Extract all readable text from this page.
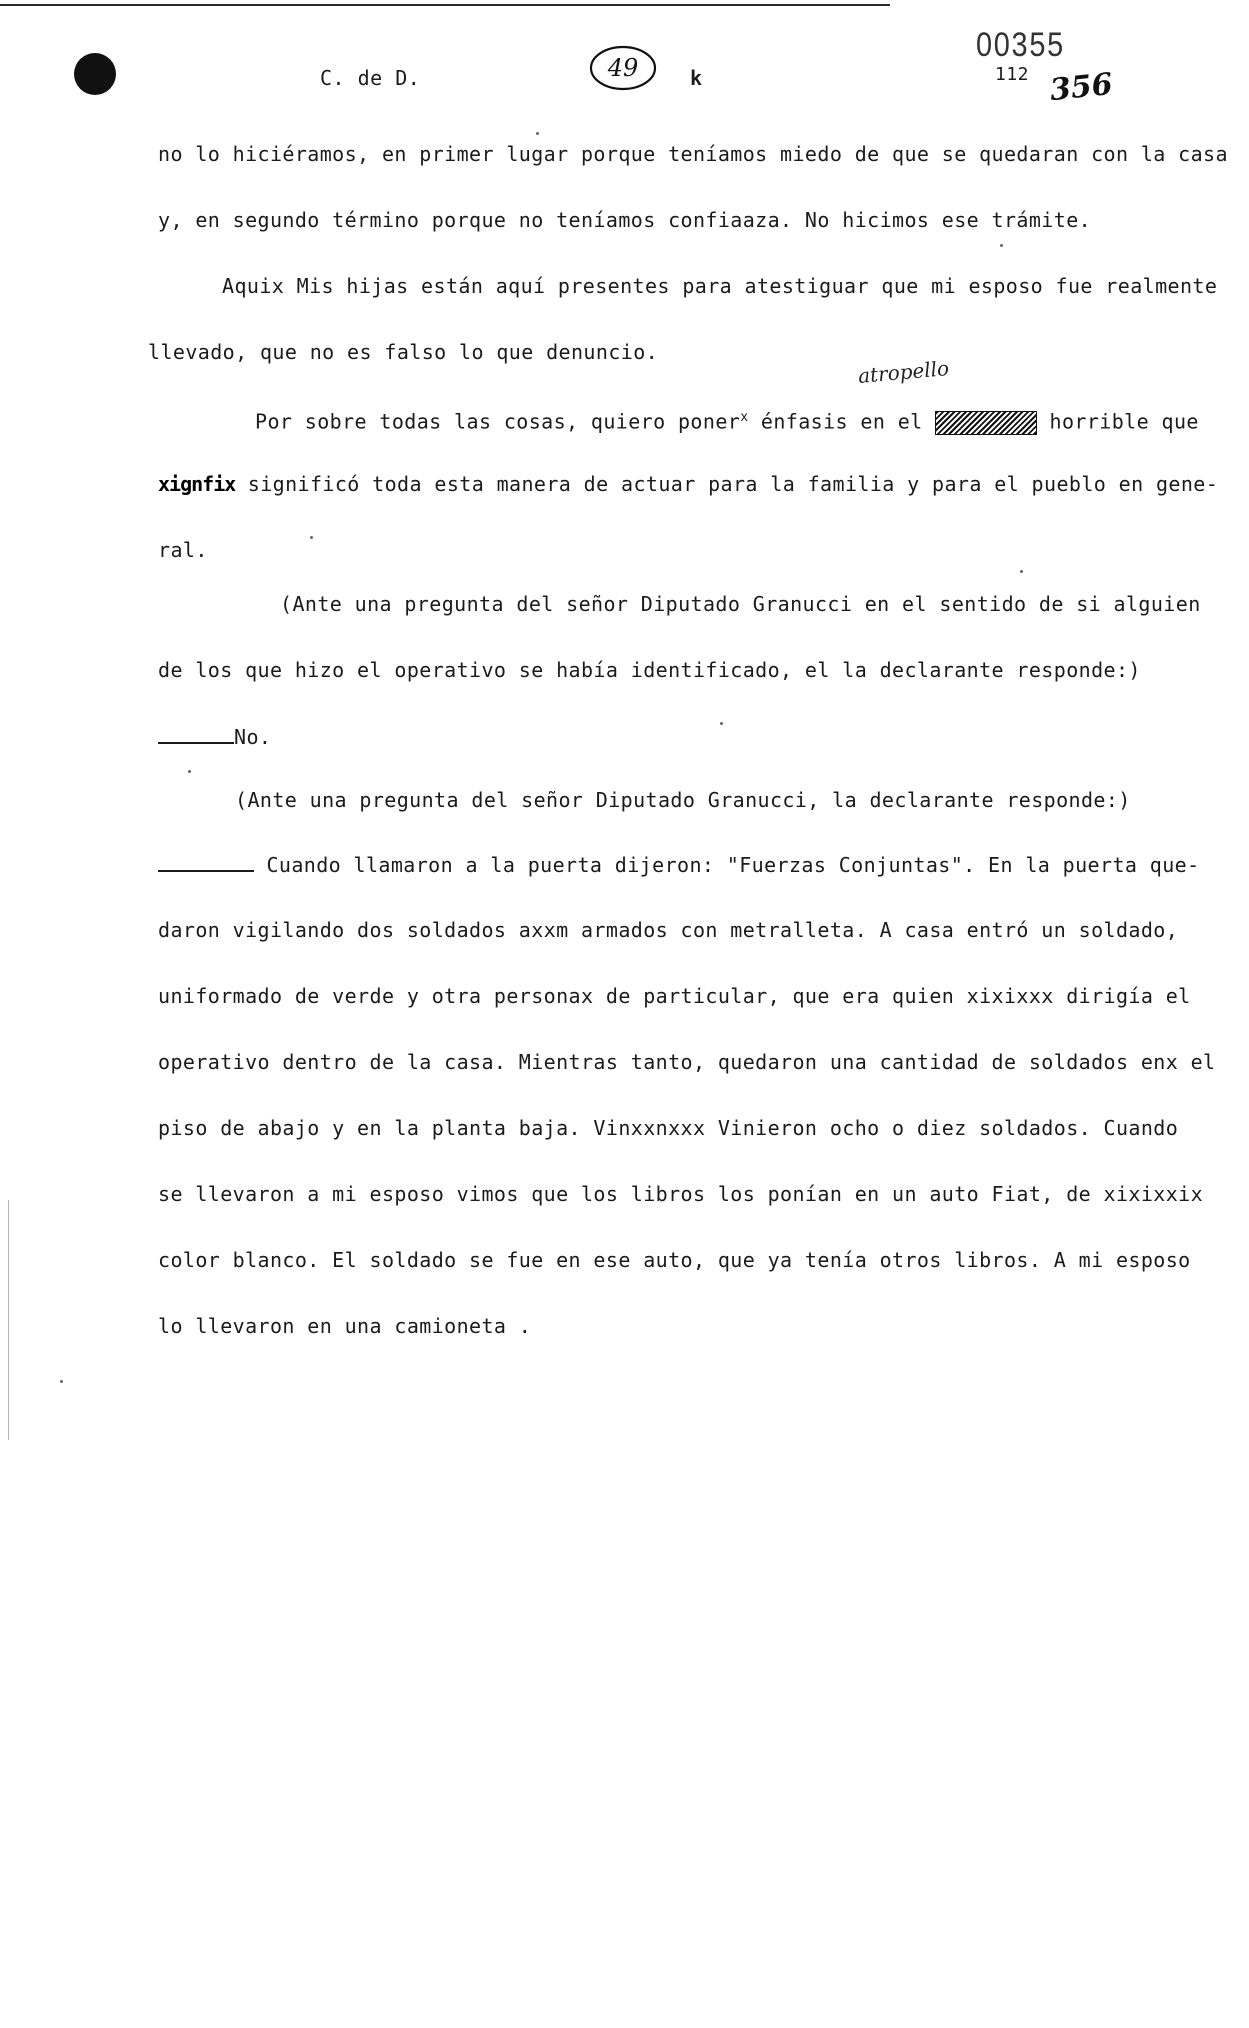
C. de D.	49	k
00355
112 356
atropello
no lo hiciéramos, en primer lugar porque teníamos miedo de que se quedaran con la casa
y, en segundo término porque no teníamos confiaaza. No hicimos ese trámite.
Aquix Mis hijas están aquí presentes para atestiguar que mi esposo fue realmente
llevado, que no es falso lo que denuncio.
Por sobre todas las cosas, quiero poner$^x$ énfasis en el	horrible que
xignfix significó toda esta manera de actuar para la familia y para el pueblo en gene-
ral.
(Ante una pregunta del señor Diputado Granucci en el sentido de si alguien
de los que hizo el operativo se había identificado, el la declarante responde:)
No.
(Ante una pregunta del señor Diputado Granucci, la declarante responde:)
Cuando llamaron a la puerta dijeron: "Fuerzas Conjuntas". En la puerta que-
daron vigilando dos soldados axxm armados con metralleta. A casa entró un soldado,
uniformado de verde y otra personax de particular, que era quien xixixxx dirigía el
operativo dentro de la casa. Mientras tanto, quedaron una cantidad de soldados enx el
piso de abajo y en la planta baja. Vinxxnxxx Vinieron ocho o diez soldados. Cuando
se llevaron a mi esposo vimos que los libros los ponían en un auto Fiat, de xixixxix
color blanco. El soldado se fue en ese auto, que ya tenía otros libros. A mi esposo
lo llevaron en una camioneta .
